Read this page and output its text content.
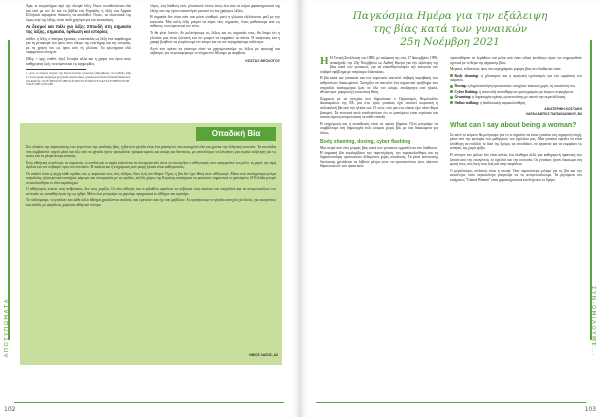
ΑΠΟΤΥΠΩΜΑΤΑ

Άρα, οι επιγαστήρια περί την πλευρά λέξη. Όσων τοποθετούνται εδώ και εκεί με τον 2ο και τα βιβλία του Ευριπίδη, η λέξη στα Αρχαία Ελληνικά παραμένει δύσκολη να αποδοθεί. Όσων, τα συστατικά της όμως περί της λέξης, είναι πολύ χρήσιμα για την κατανόηση.

Αι δεσμοί και πάλι για λέξη: Σπουδή στη σημασία της λέξης, σημασία, όρθωση και ιστορίας

επιθετ. η λέξη, ο πατέρας έχουσας, ο κατοικίας ως λέξη ένα παράδειγμα για τη μεταφορά του όρου στον κόσμο της επιστήμης και της ιστορίας, με τη χρήση του ως όρου από τη γλώσσα. Τα ερωτήματα εδώ παραμένουν ανοιχτά.

[Μεγ. + αρχ. επιθέτ. όψι]. Ιστορία αλλά και η χρήση του όρου στην καθημερινή ζωή, τα κείμενα και τις εφημερίδες.

1. Από το πλήρες Λεξικό της Νεοελληνικής γλώσσας (Πρόσβαση: 31.3.2022). https://www.greek-language.gr/greekLang/modern_greek/tools/lexica/triantafyllides/search.html?lq=%CE%B4%CE%B9%CE%B1%CF%84%CE%AF%CE%B8%CE%B5%CE%BC%CE%B1

λόγος, στη διάθεση ενός γλωσσικού τύπου όπως ένα από τα κύρια χαρακτηριστικά της λέξης που την έχουν καταστήσει μια από τις πιο χρήσιμες λέξεις.

Η σημασία δεν είναι κάτι που μένει σταθερό, γιατί η γλώσσα εξελίσσεται μαζί με την κοινωνία. Μια απλή λέξη μπορεί να πάρει νέες σημασίες, όπως μαθαίνουμε από τις εκθέσεις, τα κείμενα και τον τύπο.

Τι θα γίνει λοιπόν; Αν μελετήσουμε τις λέξεις και τις σημασίες τους, θα δούμε ότι η γλώσσα μας είναι ζωντανή και ότι μπορεί να εκφράσει τα πάντα. Η ανάγνωση και η γραφή βοηθούν να γνωρίσουμε τον κόσμο και να τον περιγράψουμε καλύτερα.

Αυτό που πρέπει να κάνουμε είναι να χρησιμοποιούμε τις λέξεις με προσοχή και σεβασμό, για να μεταφέρουμε το νόημα που θέλουμε με ακρίβεια.

ΚΩΣΤΑΣ ΘΕΟΛΟΓΟΥ
Οπαδική Βία

Στο πλαίσιο της παρουσίασης των γεγονότων της οπαδικής βίας, η βία στα γήπεδα είναι ένα φαινόμενο που απασχολεί εδώ και χρόνια την ελληνική κοινωνία. Τα επεισόδια που συμβαίνουν συχνά μέσα και έξω από τα γήπεδα έχουν προκαλέσει τραυματισμούς και ακόμη και θανάτους, με αποτέλεσμα να ξεκινήσει μια ευρεία συζήτηση για τις αιτίες και τα μέτρα αντιμετώπισης.

Στην αθλητική κοινότητα, τα σωματεία, οι οπαδοί και οι αρχές καλούνται να συνεργαστούν ώστε να επιστρέψει ο αθλητισμός στον πραγματικό του ρόλο: τη χαρά, την υγιή άμιλλα και τον σεβασμό προς τον αντίπαλο. Η παιδεία και η ενημέρωση από μικρή ηλικία είναι καθοριστικές.

Οι οπαδοί είναι η ψυχή κάθε ομάδας και η παρουσία τους στις εξέδρες δίνει ζωή στο θέαμα. Όμως η βία δεν έχει θέση στον αθλητισμό. Μέσα από αυστηρότερα μέτρα ασφαλείας, ηλεκτρονικά εισιτήρια, κάμερες και συνεργασία με τις ομάδες, πολλές χώρες της Ευρώπης κατάφεραν να μειώσουν σημαντικά το φαινόμενο. Η Ελλάδα μπορεί να ακολουθήσει το ίδιο παράδειγμα.

Ο αθλητισμός ενώνει τους ανθρώπους, δεν τους χωρίζει. Οι νέοι αθλητές και οι φίλαθλοι οφείλουν να σέβονται τους κανόνες του παιχνιδιού και να αντιμετωπίζουν τον αντίπαλο ως συναθλητή και όχι ως εχθρό. Μόνο έτσι μπορούμε να χαρούμε πραγματικά το άθλημα που αγαπάμε.

Το ποδόσφαιρο, το μπάσκετ και κάθε άλλο άθλημα χρειάζονται οπαδούς που εμπνέουν και όχι που φοβίζουν. Ας κρατήσουμε τα γήπεδα ανοιχτά για όλους, για οικογένειες και παιδιά, με ασφάλεια, χαρά και αθλητικό πνεύμα.

ΝΙΚΟΣ ΛΑΖΟΣ, Α2
102
ΣΥΝ-ΟΜΙΛΟΥΜΕ...
Παγκόσμια Ημέρα για την εξάλειψη
της βίας κατά των γυναικών
25η Νοέμβρη 2021

Η Η Γενική Συνέλευση του ΟΗΕ, με απόφασή της στις 17 Δεκεμβρίου 1999, ανακήρυξε την 25η Νοεμβρίου ως Διεθνή Ημέρα για την εξάλειψη της βίας κατά των γυναικών, για να ευαισθητοποιήσει την κοινωνία στο σοβαρό πρόβλημα με παγκόσμιο διαστάσεις.

Η βία κατά των γυναικών και των κοριτσιών αποτελεί σοβαρή παραβίαση των ανθρωπίνων δικαιωμάτων. Συνεχίζει να αποτελεί ένα σημαντικό πρόβλημα που επηρεάζει εκατομμύρια ζωές σε όλο τον κόσμο, ανεξάρτητα από ηλικία, εθνικότητα, μόρφωση ή κοινωνική θέση.

Σύμφωνα με τα στοιχεία που δημοσίευσε ο Οργανισμός Θεμελιωδών Δικαιωμάτων της ΕΕ, μία στις τρεις γυναίκες έχει υποστεί σωματική ή σεξουαλική βία από την ηλικία των 15 ετών, ενώ μία στις είκοσι έχει πέσει θύμα βιασμού. Τα ποσοστά αυτά αποδεικνύουν ότι το φαινόμενο είναι ευρύτατο και απαιτεί άμεση αντιμετώπιση σε κάθε επίπεδο.

Η ενημέρωση και η εκπαίδευση είναι τα πρώτα βήματα. Όλοι μπορούμε να συμβάλουμε στη δημιουργία ενός κόσμου χωρίς βία, με ίσα δικαιώματα για όλους.

Body shaming, doxing, cyber flashing

Μια σειρά από νέες μορφές βίας κατά των γυναικών εμφανίζεται στο διαδίκτυο. Η ψηφιακή βία περιλαμβάνει την παρενόχληση, την παρακολούθηση και τη δημοσιοποίηση προσωπικών δεδομένων χωρίς συναίνεση. Τα μέσα κοινωνικής δικτύωσης χρειάζεται να λάβουν μέτρα ώστε να προστατεύουν όσες πέφτουν θύματα αυτών των πρακτικών.

προσπάθησαν να ξεμάθουν και μέσα από έναν ειδικό κατάλογο όρων να ενημερωθούν σχετικά με το θέμα της ψηφιακής βίας.

Μερικοί, ενδεικτικά, όροι που περιγράφουν μορφές βίας στο διαδίκτυο είναι:

Body shaming: η χλευασμός και η αρνητική σχολιασμός για την εμφάνιση του σώματος.
Doxing: η δημοσιοποίηση προσωπικών στοιχείων κάποιου χωρίς τη συναίνεσή του.
Cyber flashing: η αποστολή ανεπιθύμητων φωτογραφιών με άσεμνο περιεχόμενο.
Grooming: η δημιουργία σχέσης εμπιστοσύνης με σκοπό την εκμετάλλευση.
Online stalking: η διαδικτυακή παρακολούθηση.
ΑΙΚΑΤΕΡΙΝΗ ΚΩΣΤΑΚΗ
ΧΑΡΑΛΑΜΠΟΣ ΠΑΠΑΙΩΑΝΝΟΥ, Β3
What can I say about being a woman?

Σε αυτό το κείμενο θα μιλήσουμε για το τι σημαίνει να είσαι γυναίκα στη σημερινή εποχή, μέσα από την εμπειρία των μαθητριών του σχολείου μας. Μια γυναίκα οφείλει να είναι ελεύθερη να επιλέξει το δικό της δρόμο, να σπουδάσει, να εργαστεί και να εκφράσει τις απόψεις της χωρίς φόβο.

Η ισότητα των φύλων δεν είναι απλώς ένα σύνθημα αλλά μια καθημερινή πρακτική που ξεκινά από την οικογένεια, το σχολείο και την κοινωνία. Οι γυναίκες έχουν δικαίωμα στη φωνή τους, στη δική τους ζωή και στην ασφάλεια.

Ο μεγαλύτερος κίνδυνος είναι η σιωπή. Όσο περισσότερο μιλάμε για τη βία και την ανισότητα, τόσο περισσότερο μπορούμε να τις αντιμετωπίσουμε. Τα μηνύματα του κινήματος "United Women" είναι χαρακτηριστικά και δείχνουν το δρόμο.

103
